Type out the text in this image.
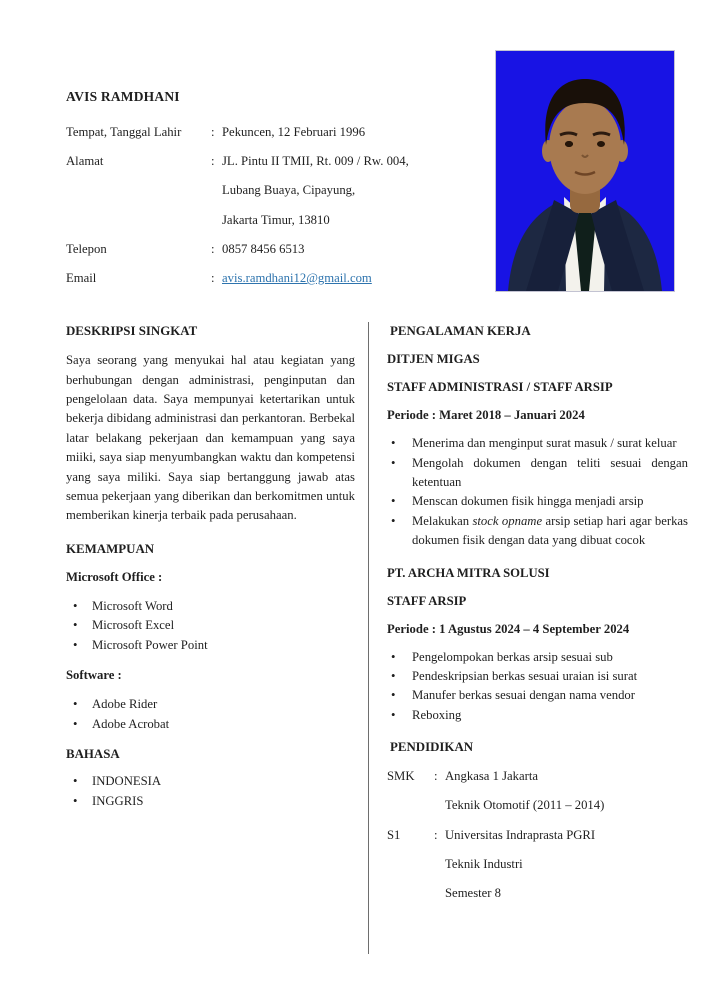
AVIS RAMDHANI
Tempat, Tanggal Lahir	: Pekuncen, 12 Februari 1996
Alamat	: JL. Pintu II TMII, Rt. 009 / Rw. 004,
Lubang Buaya, Cipayung,
Jakarta Timur, 13810
Telepon	: 0857 8456 6513
Email	: avis.ramdhani12@gmail.com
DESKRIPSI SINGKAT

Saya seorang yang menyukai hal atau kegiatan yang berhubungan dengan administrasi, penginputan dan pengelolaan data. Saya mempunyai ketertarikan untuk bekerja dibidang administrasi dan perkantoran. Berbekal latar belakang pekerjaan dan kemampuan yang saya miiki, saya siap menyumbangkan waktu dan kompetensi yang saya miliki. Saya siap bertanggung jawab atas semua pekerjaan yang diberikan dan berkomitmen untuk memberikan kinerja terbaik pada perusahaan.

KEMAMPUAN
Microsoft Office :
• Microsoft Word
• Microsoft Excel
• Microsoft Power Point
Software :
• Adobe Rider
• Adobe Acrobat
BAHASA
• INDONESIA
• INGGRIS
PENGALAMAN KERJA
DITJEN MIGAS
STAFF ADMINISTRASI / STAFF ARSIP
Periode : Maret 2018 – Januari 2024
• Menerima dan menginput surat masuk / surat keluar
• Mengolah dokumen dengan teliti sesuai dengan ketentuan
• Menscan dokumen fisik hingga menjadi arsip
• Melakukan stock opname arsip setiap hari agar berkas dokumen fisik dengan data yang dibuat cocok
PT. ARCHA MITRA SOLUSI
STAFF ARSIP
Periode : 1 Agustus 2024 – 4 September 2024
• Pengelompokan berkas arsip sesuai sub
• Pendeskripsian berkas sesuai uraian isi surat
• Manufer berkas sesuai dengan nama vendor
• Reboxing
PENDIDIKAN
SMK	: Angkasa 1 Jakarta
Teknik Otomotif (2011 – 2014)
S1	: Universitas Indraprasta PGRI
Teknik Industri
Semester 8
